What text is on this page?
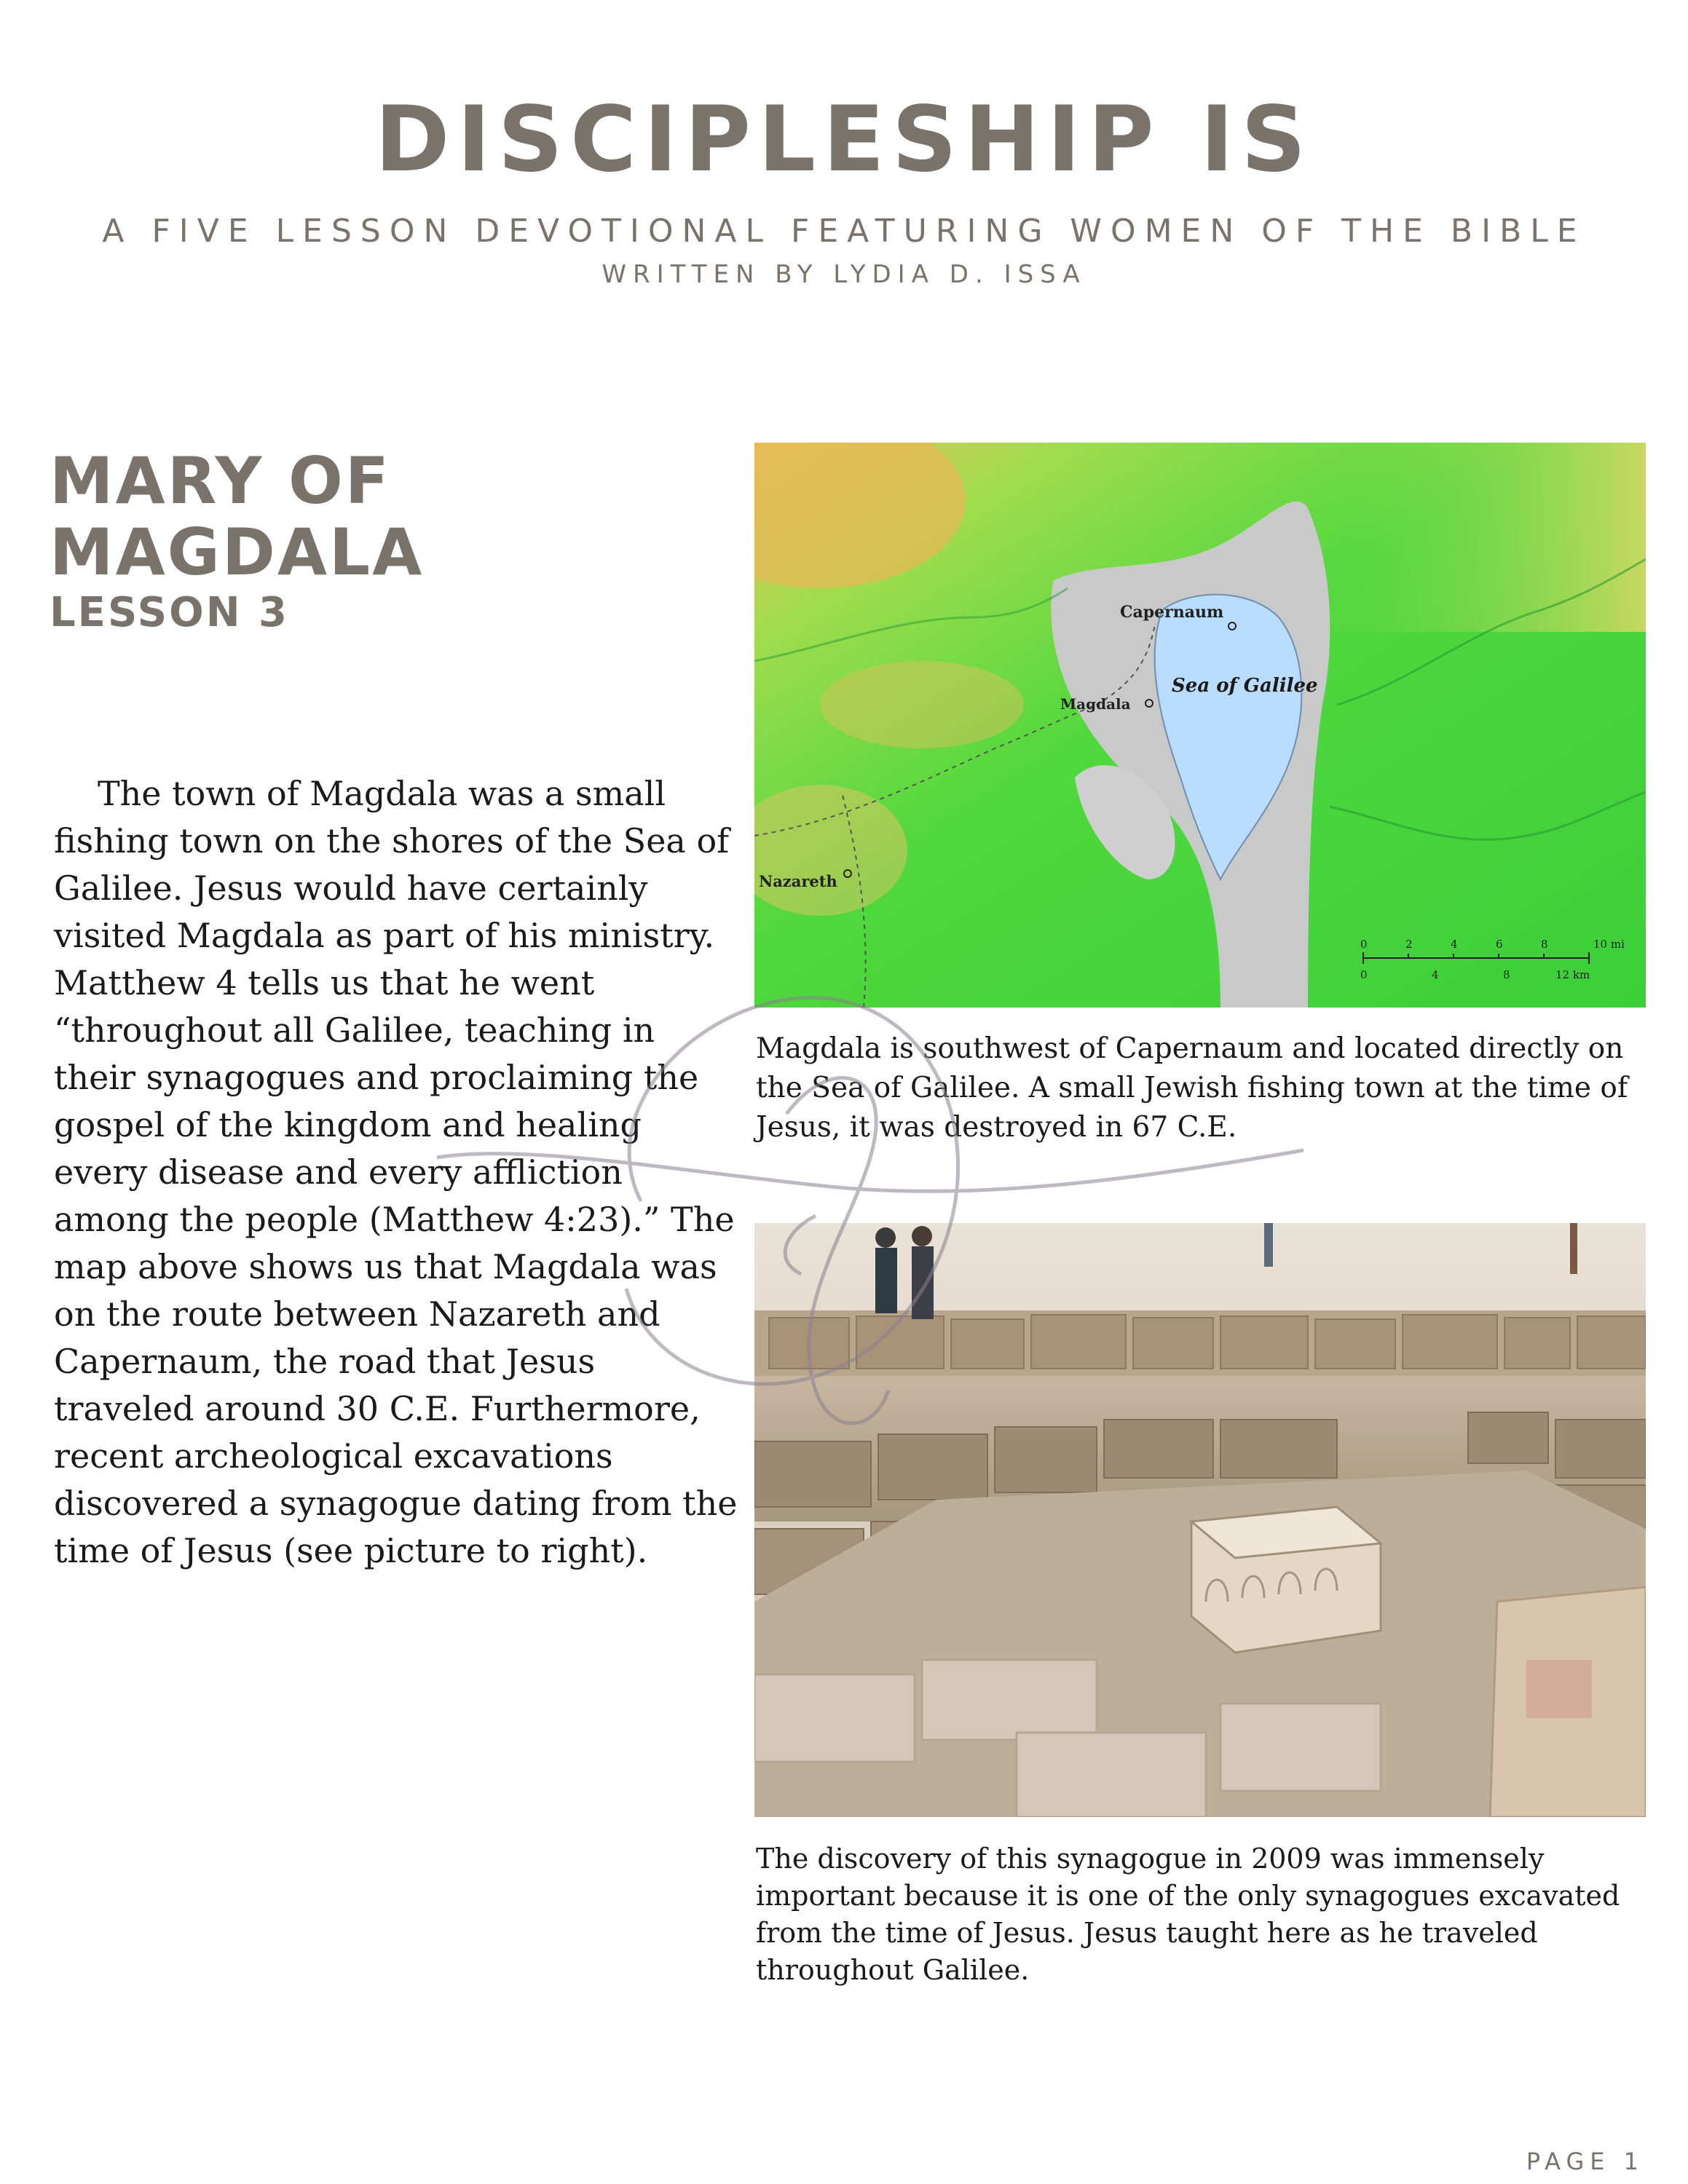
DISCIPLESHIP IS
A FIVE LESSON DEVOTIONAL FEATURING WOMEN OF THE BIBLE
WRITTEN BY LYDIA D. ISSA
MARY OF MAGDALA
LESSON 3

The town of Magdala was a small fishing town on the shores of the Sea of Galilee. Jesus would have certainly visited Magdala as part of his ministry. Matthew 4 tells us that he went “throughout all Galilee, teaching in their synagogues and proclaiming the gospel of the kingdom and healing every disease and every affliction among the people (Matthew 4:23).” The map above shows us that Magdala was on the route between Nazareth and Capernaum, the road that Jesus traveled around 30 C.E. Furthermore, recent archeological excavations discovered a synagogue dating from the time of Jesus (see picture to right).

Capernaum
Sea of Galilee
Magdala
Nazareth
0	2	4	6	8	10 mi
0	4	8	12 km

Magdala is southwest of Capernaum and located directly on the Sea of Galilee. A small Jewish fishing town at the time of Jesus, it was destroyed in 67 C.E.

The discovery of this synagogue in 2009 was immensely important because it is one of the only synagogues excavated from the time of Jesus. Jesus taught here as he traveled throughout Galilee.

PAGE 1
